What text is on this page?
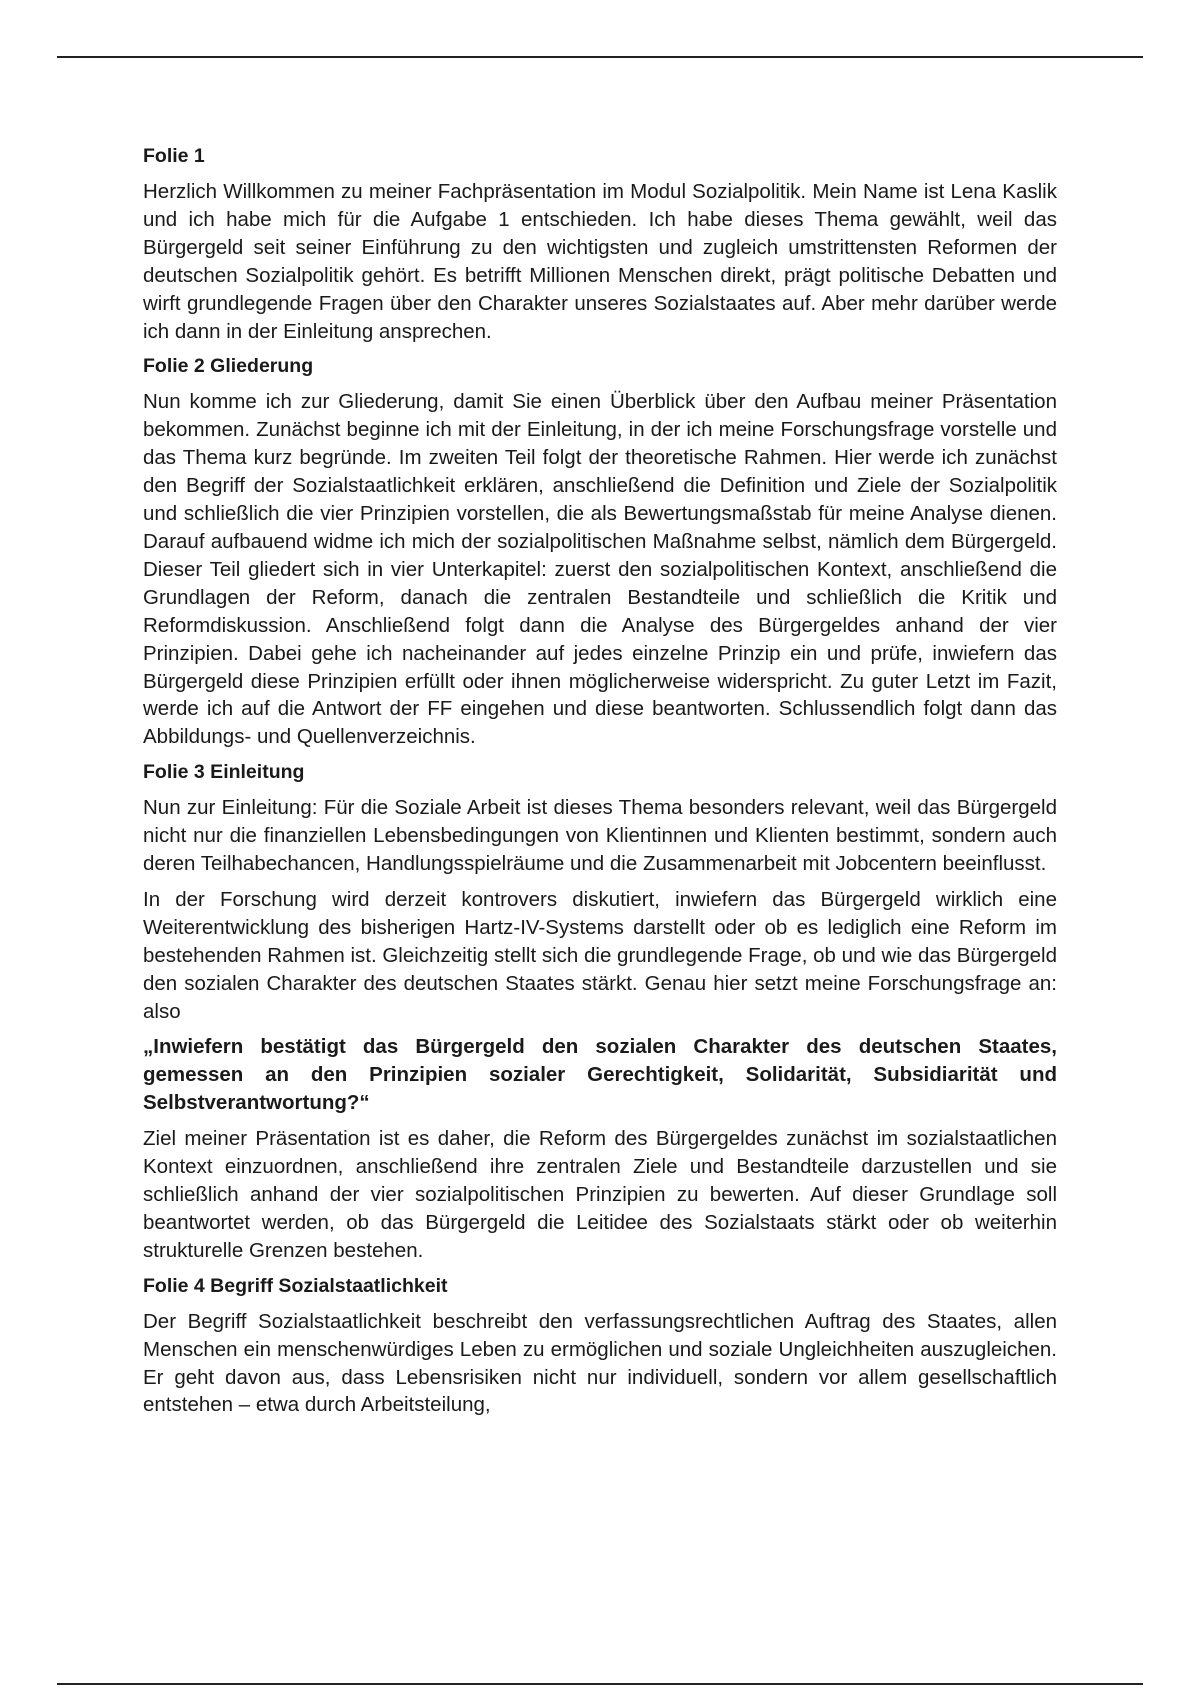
Folie 1

Herzlich Willkommen zu meiner Fachpräsentation im Modul Sozialpolitik. Mein Name ist Lena Kaslik und ich habe mich für die Aufgabe 1 entschieden. Ich habe dieses Thema gewählt, weil das Bürgergeld seit seiner Einführung zu den wichtigsten und zugleich umstrittensten Reformen der deutschen Sozialpolitik gehört. Es betrifft Millionen Menschen direkt, prägt politische Debatten und wirft grundlegende Fragen über den Charakter unseres Sozialstaates auf. Aber mehr darüber werde ich dann in der Einleitung ansprechen.

Folie 2 Gliederung

Nun komme ich zur Gliederung, damit Sie einen Überblick über den Aufbau meiner Präsentation bekommen. Zunächst beginne ich mit der Einleitung, in der ich meine Forschungsfrage vorstelle und das Thema kurz begründe. Im zweiten Teil folgt der theoretische Rahmen. Hier werde ich zunächst den Begriff der Sozialstaatlichkeit erklären, anschließend die Definition und Ziele der Sozialpolitik und schließlich die vier Prinzipien vorstellen, die als Bewertungsmaßstab für meine Analyse dienen. Darauf aufbauend widme ich mich der sozialpolitischen Maßnahme selbst, nämlich dem Bürgergeld. Dieser Teil gliedert sich in vier Unterkapitel: zuerst den sozialpolitischen Kontext, anschließend die Grundlagen der Reform, danach die zentralen Bestandteile und schließlich die Kritik und Reformdiskussion. Anschließend folgt dann die Analyse des Bürgergeldes anhand der vier Prinzipien. Dabei gehe ich nacheinander auf jedes einzelne Prinzip ein und prüfe, inwiefern das Bürgergeld diese Prinzipien erfüllt oder ihnen möglicherweise widerspricht. Zu guter Letzt im Fazit, werde ich auf die Antwort der FF eingehen und diese beantworten. Schlussendlich folgt dann das Abbildungs- und Quellenverzeichnis.

Folie 3 Einleitung

Nun zur Einleitung: Für die Soziale Arbeit ist dieses Thema besonders relevant, weil das Bürgergeld nicht nur die finanziellen Lebensbedingungen von Klientinnen und Klienten bestimmt, sondern auch deren Teilhabechancen, Handlungsspielräume und die Zusammenarbeit mit Jobcentern beeinflusst.

In der Forschung wird derzeit kontrovers diskutiert, inwiefern das Bürgergeld wirklich eine Weiterentwicklung des bisherigen Hartz-IV-Systems darstellt oder ob es lediglich eine Reform im bestehenden Rahmen ist. Gleichzeitig stellt sich die grundlegende Frage, ob und wie das Bürgergeld den sozialen Charakter des deutschen Staates stärkt. Genau hier setzt meine Forschungsfrage an: also

„Inwiefern bestätigt das Bürgergeld den sozialen Charakter des deutschen Staates, gemessen an den Prinzipien sozialer Gerechtigkeit, Solidarität, Subsidiarität und Selbstverantwortung?“

Ziel meiner Präsentation ist es daher, die Reform des Bürgergeldes zunächst im sozialstaatlichen Kontext einzuordnen, anschließend ihre zentralen Ziele und Bestandteile darzustellen und sie schließlich anhand der vier sozialpolitischen Prinzipien zu bewerten. Auf dieser Grundlage soll beantwortet werden, ob das Bürgergeld die Leitidee des Sozialstaats stärkt oder ob weiterhin strukturelle Grenzen bestehen.

Folie 4 Begriff Sozialstaatlichkeit

Der Begriff Sozialstaatlichkeit beschreibt den verfassungsrechtlichen Auftrag des Staates, allen Menschen ein menschenwürdiges Leben zu ermöglichen und soziale Ungleichheiten auszugleichen. Er geht davon aus, dass Lebensrisiken nicht nur individuell, sondern vor allem gesellschaftlich entstehen – etwa durch Arbeitsteilung,
